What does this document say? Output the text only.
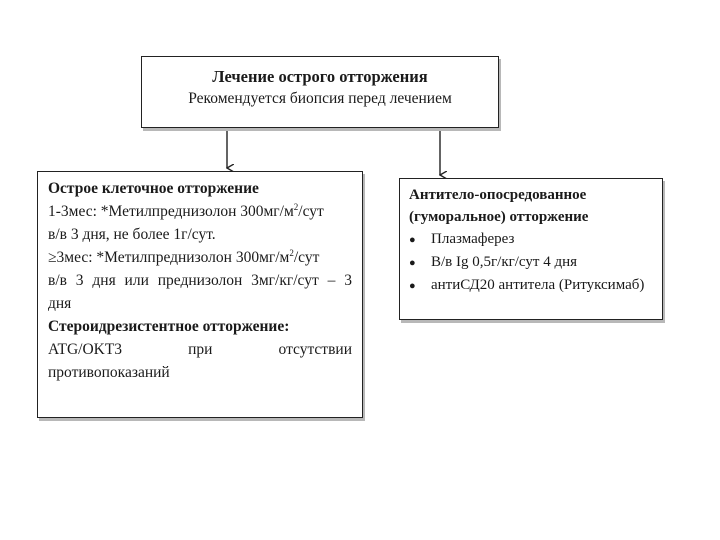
Лечение острого отторжения
Рекомендуется биопсия перед лечением
Острое клеточное отторжение
1-3мес: *Метилпреднизолон $300мг/м^2$/сут
в/в 3 дня, не более 1г/сут.
≥3мес: *Метилпреднизолон $300мг/м^2$/сут
в/в 3 дня или преднизолон 3мг/кг/сут – 3
дня
Стероидрезистентное отторжение:
ATG/OKT3	при	отсутствии
противопоказаний
Антитело-опосредованное
(гуморальное) отторжение
●	Плазмаферез
●	В/в Ig 0,5г/кг/сут 4 дня
●	антиСД20 антитела (Ритуксимаб)
